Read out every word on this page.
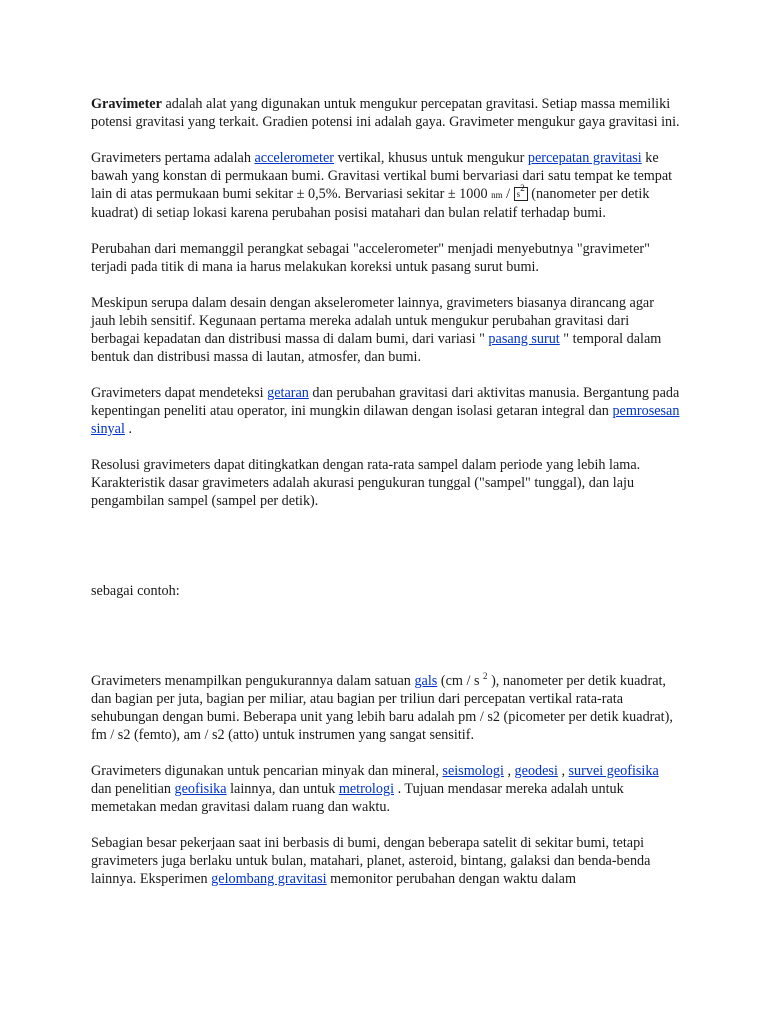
Gravimeter adalah alat yang digunakan untuk mengukur percepatan gravitasi. Setiap massa memiliki potensi gravitasi yang terkait. Gradien potensi ini adalah gaya. Gravimeter mengukur gaya gravitasi ini.

Gravimeters pertama adalah accelerometer vertikal, khusus untuk mengukur percepatan gravitasi ke bawah yang konstan di permukaan bumi. Gravitasi vertikal bumi bervariasi dari satu tempat ke tempat lain di atas permukaan bumi sekitar ± 0,5%. Bervariasi sekitar ± 1000 nm / $s^2$ (nanometer per detik kuadrat) di setiap lokasi karena perubahan posisi matahari dan bulan relatif terhadap bumi.

Perubahan dari memanggil perangkat sebagai "accelerometer" menjadi menyebutnya "gravimeter" terjadi pada titik di mana ia harus melakukan koreksi untuk pasang surut bumi.

Meskipun serupa dalam desain dengan akselerometer lainnya, gravimeters biasanya dirancang agar jauh lebih sensitif. Kegunaan pertama mereka adalah untuk mengukur perubahan gravitasi dari berbagai kepadatan dan distribusi massa di dalam bumi, dari variasi " pasang surut " temporal dalam bentuk dan distribusi massa di lautan, atmosfer, dan bumi.

Gravimeters dapat mendeteksi getaran dan perubahan gravitasi dari aktivitas manusia. Bergantung pada kepentingan peneliti atau operator, ini mungkin dilawan dengan isolasi getaran integral dan pemrosesan sinyal .

Resolusi gravimeters dapat ditingkatkan dengan rata-rata sampel dalam periode yang lebih lama. Karakteristik dasar gravimeters adalah akurasi pengukuran tunggal ("sampel" tunggal), dan laju pengambilan sampel (sampel per detik).

sebagai contoh:

Gravimeters menampilkan pengukurannya dalam satuan gals (cm / s $^2$ ), nanometer per detik kuadrat, dan bagian per juta, bagian per miliar, atau bagian per triliun dari percepatan vertikal rata-rata sehubungan dengan bumi. Beberapa unit yang lebih baru adalah pm / s2 (picometer per detik kuadrat), fm / s2 (femto), am / s2 (atto) untuk instrumen yang sangat sensitif.

Gravimeters digunakan untuk pencarian minyak dan mineral, seismologi , geodesi , survei geofisika dan penelitian geofisika lainnya, dan untuk metrologi . Tujuan mendasar mereka adalah untuk memetakan medan gravitasi dalam ruang dan waktu.

Sebagian besar pekerjaan saat ini berbasis di bumi, dengan beberapa satelit di sekitar bumi, tetapi gravimeters juga berlaku untuk bulan, matahari, planet, asteroid, bintang, galaksi dan benda-benda lainnya. Eksperimen gelombang gravitasi memonitor perubahan dengan waktu dalam
